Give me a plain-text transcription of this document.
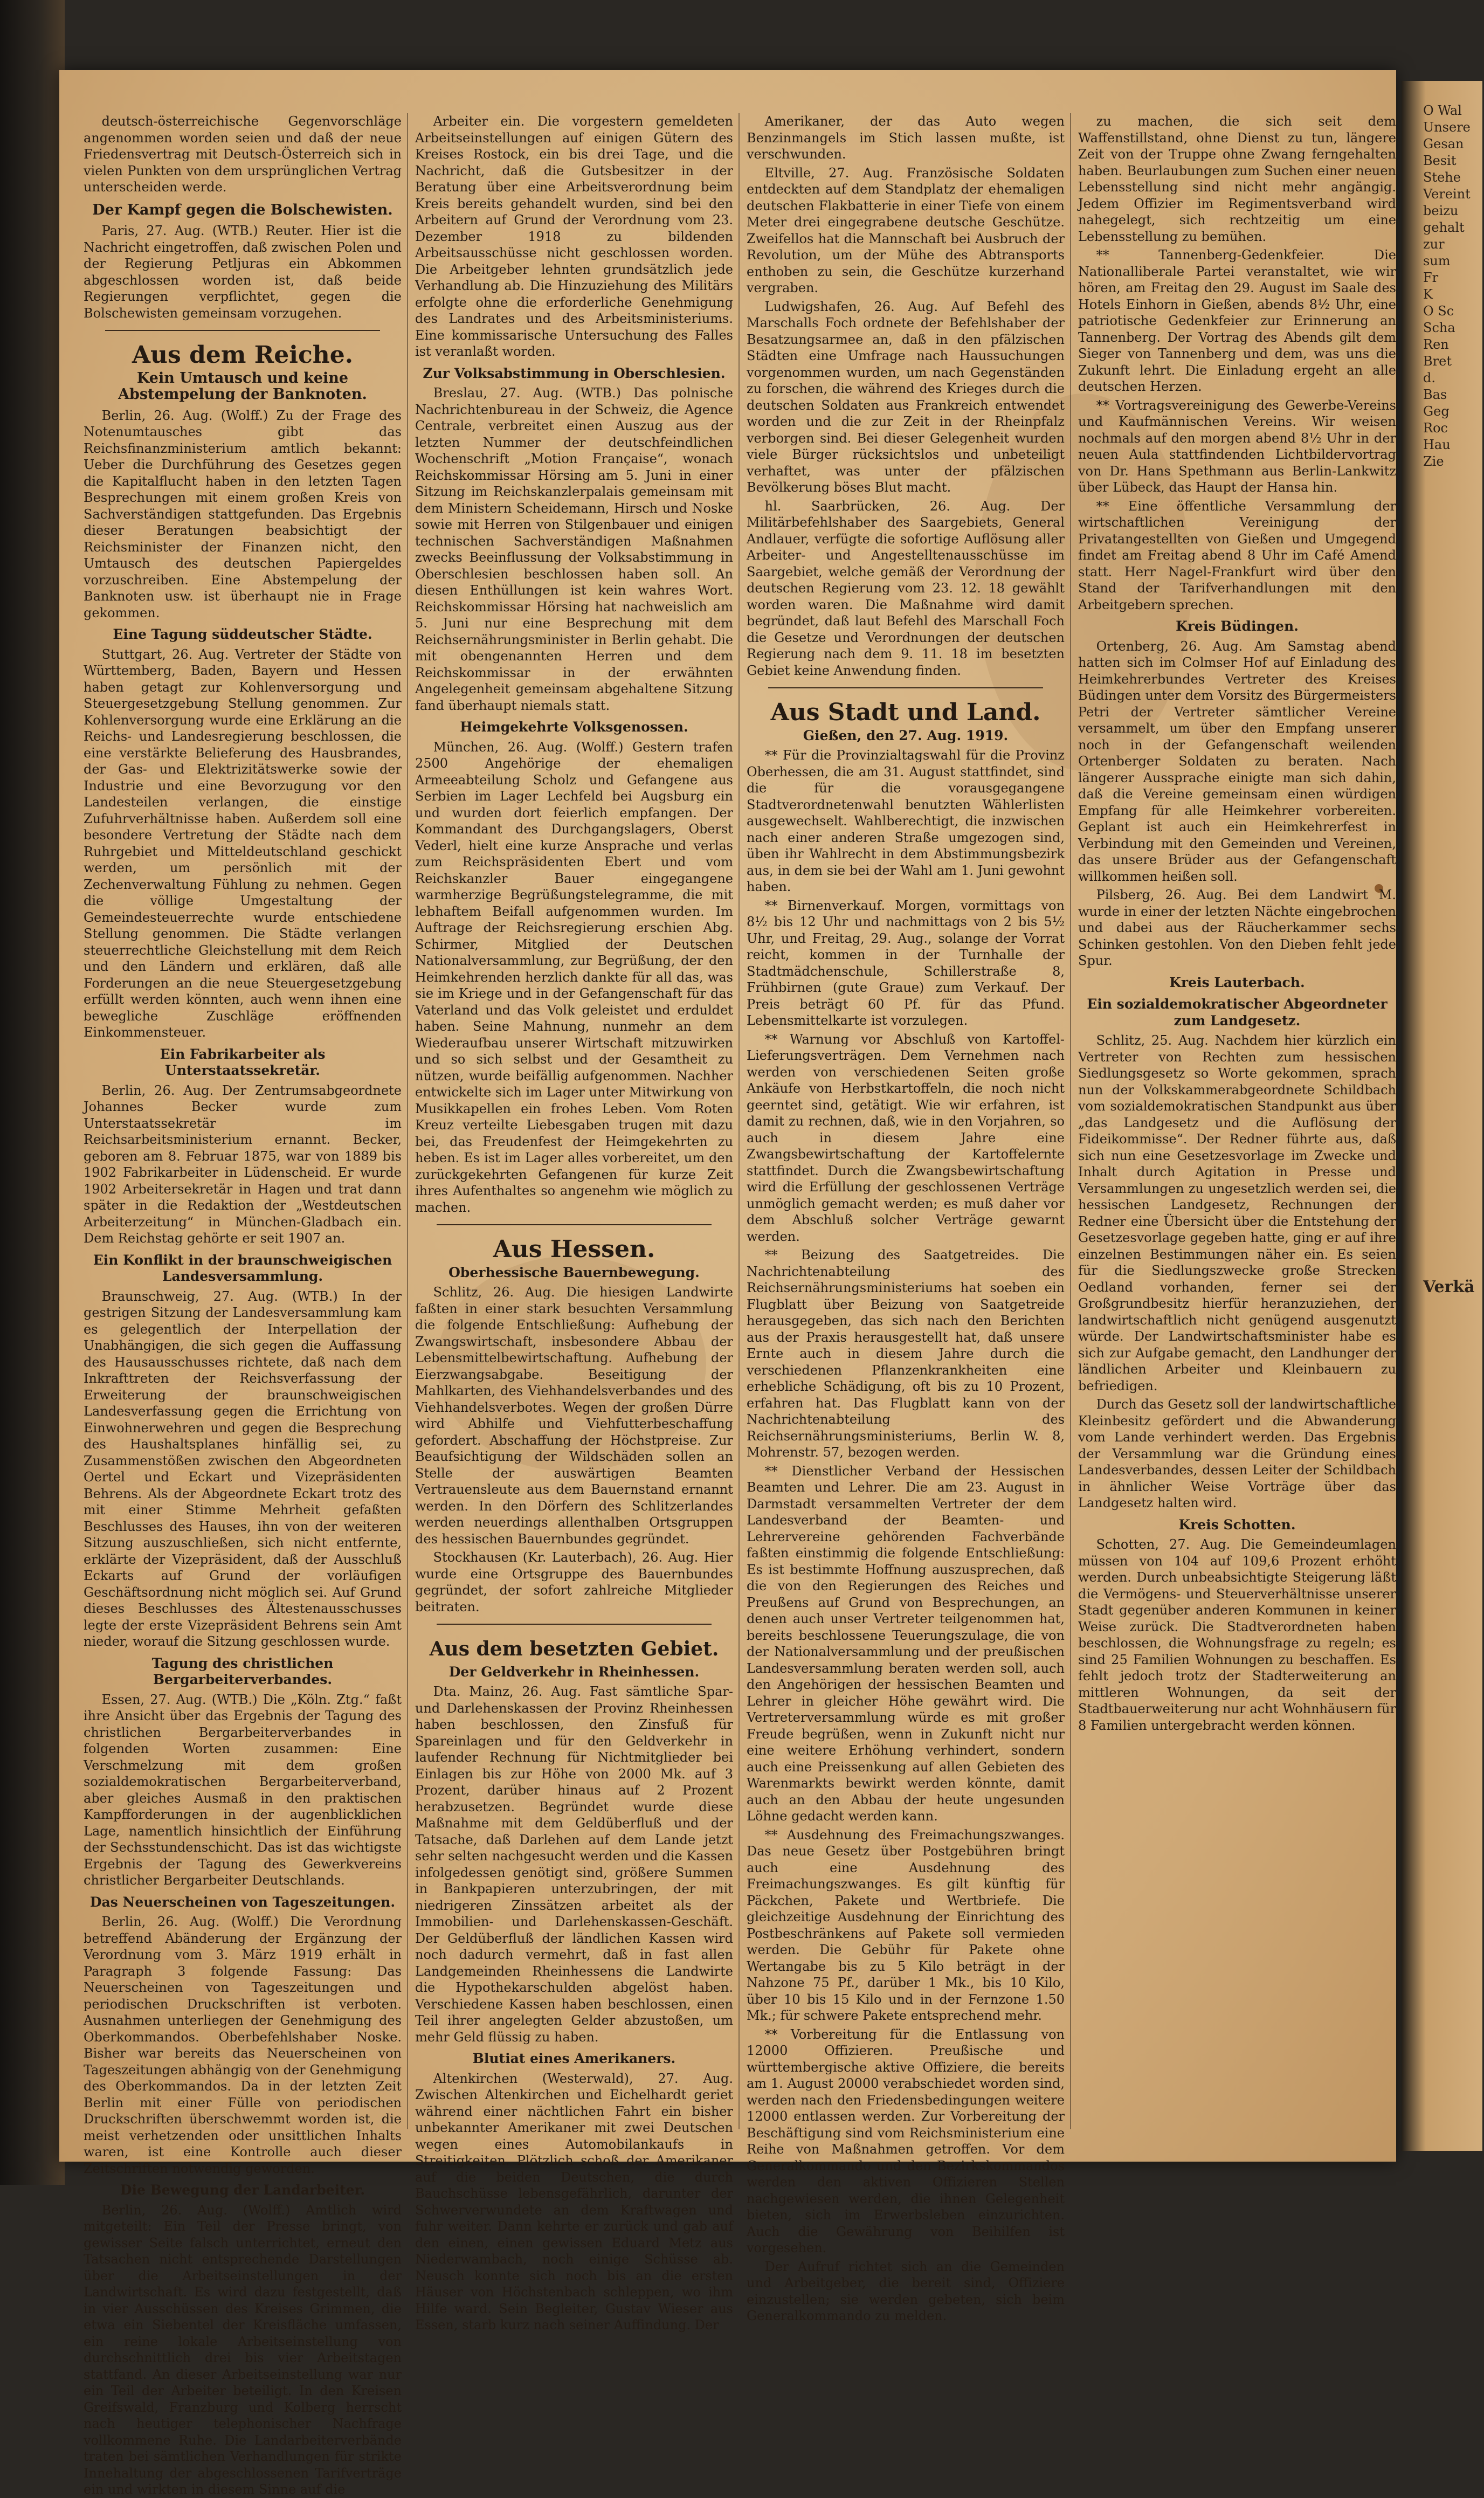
O Wal
Unsere
Gesan
Besit
Stehe
Vereint
beizu
gehalt
zur
sum
Fr
K
O Sc
Scha
Ren
Bret
d.
Bas
Geg
Roc
Hau
Zie
Verkä

deutsch-österreichische Gegenvorschläge angenommen worden seien und daß der neue Friedensvertrag mit Deutsch-Österreich sich in vielen Punkten von dem ursprünglichen Vertrag unterscheiden werde.

Der Kampf gegen die Bolschewisten.

Paris, 27. Aug. (WTB.) Reuter. Hier ist die Nachricht eingetroffen, daß zwischen Polen und der Regierung Petljuras ein Abkommen abgeschlossen worden ist, daß beide Regierungen verpflichtet, gegen die Bolschewisten gemeinsam vorzugehen.

Aus dem Reiche.
Kein Umtausch und keine Abstempelung der Banknoten.

Berlin, 26. Aug. (Wolff.) Zu der Frage des Notenumtausches gibt das Reichsfinanzministerium amtlich bekannt: Ueber die Durchführung des Gesetzes gegen die Kapitalflucht haben in den letzten Tagen Besprechungen mit einem großen Kreis von Sachverständigen stattgefunden. Das Ergebnis dieser Beratungen beabsichtigt der Reichsminister der Finanzen nicht, den Umtausch des deutschen Papiergeldes vorzuschreiben. Eine Abstempelung der Banknoten usw. ist überhaupt nie in Frage gekommen.

Eine Tagung süddeutscher Städte.

Stuttgart, 26. Aug. Vertreter der Städte von Württemberg, Baden, Bayern und Hessen haben getagt zur Kohlenversorgung und Steuergesetzgebung Stellung genommen. Zur Kohlenversorgung wurde eine Erklärung an die Reichs- und Landesregierung beschlossen, die eine verstärkte Belieferung des Hausbrandes, der Gas- und Elektrizitätswerke sowie der Industrie und eine Bevorzugung vor den Landesteilen verlangen, die einstige Zufuhrverhältnisse haben. Außerdem soll eine besondere Vertretung der Städte nach dem Ruhrgebiet und Mitteldeutschland geschickt werden, um persönlich mit der Zechenverwaltung Fühlung zu nehmen. Gegen die völlige Umgestaltung der Gemeindesteuerrechte wurde entschiedene Stellung genommen. Die Städte verlangen steuerrechtliche Gleichstellung mit dem Reich und den Ländern und erklären, daß alle Forderungen an die neue Steuergesetzgebung erfüllt werden könnten, auch wenn ihnen eine bewegliche Zuschläge eröffnenden Einkommensteuer.

Ein Fabrikarbeiter als Unterstaatssekretär.

Berlin, 26. Aug. Der Zentrumsabgeordnete Johannes Becker wurde zum Unterstaatssekretär im Reichsarbeitsministerium ernannt. Becker, geboren am 8. Februar 1875, war von 1889 bis 1902 Fabrikarbeiter in Lüdenscheid. Er wurde 1902 Arbeitersekretär in Hagen und trat dann später in die Redaktion der „Westdeutschen Arbeiterzeitung“ in München-Gladbach ein. Dem Reichstag gehörte er seit 1907 an.

Ein Konflikt in der braunschweigischen Landesversammlung.

Braunschweig, 27. Aug. (WTB.) In der gestrigen Sitzung der Landesversammlung kam es gelegentlich der Interpellation der Unabhängigen, die sich gegen die Auffassung des Hausausschusses richtete, daß nach dem Inkrafttreten der Reichsverfassung der Erweiterung der braunschweigischen Landesverfassung gegen die Errichtung von Einwohnerwehren und gegen die Besprechung des Haushaltsplanes hinfällig sei, zu Zusammenstößen zwischen den Abgeordneten Oertel und Eckart und Vizepräsidenten Behrens. Als der Abgeordnete Eckart trotz des mit einer Stimme Mehrheit gefaßten Beschlusses des Hauses, ihn von der weiteren Sitzung auszuschließen, sich nicht entfernte, erklärte der Vizepräsident, daß der Ausschluß Eckarts auf Grund der vorläufigen Geschäftsordnung nicht möglich sei. Auf Grund dieses Beschlusses des Ältestenausschusses legte der erste Vizepräsident Behrens sein Amt nieder, worauf die Sitzung geschlossen wurde.

Tagung des christlichen Bergarbeiterverbandes.

Essen, 27. Aug. (WTB.) Die „Köln. Ztg.“ faßt ihre Ansicht über das Ergebnis der Tagung des christlichen Bergarbeiterverbandes in folgenden Worten zusammen: Eine Verschmelzung mit dem großen sozialdemokratischen Bergarbeiterverband, aber gleiches Ausmaß in den praktischen Kampfforderungen in der augenblicklichen Lage, namentlich hinsichtlich der Einführung der Sechsstundenschicht. Das ist das wichtigste Ergebnis der Tagung des Gewerkvereins christlicher Bergarbeiter Deutschlands.

Das Neuerscheinen von Tageszeitungen.

Berlin, 26. Aug. (Wolff.) Die Verordnung betreffend Abänderung der Ergänzung der Verordnung vom 3. März 1919 erhält in Paragraph 3 folgende Fassung: Das Neuerscheinen von Tageszeitungen und periodischen Druckschriften ist verboten. Ausnahmen unterliegen der Genehmigung des Oberkommandos. Oberbefehlshaber Noske. Bisher war bereits das Neuerscheinen von Tageszeitungen abhängig von der Genehmigung des Oberkommandos. Da in der letzten Zeit Berlin mit einer Fülle von periodischen Druckschriften überschwemmt worden ist, die meist verhetzenden oder unsittlichen Inhalts waren, ist eine Kontrolle auch dieser Zeitschriften notwendig geworden.

Die Bewegung der Landarbeiter.

Berlin, 26. Aug. (Wolff.) Amtlich wird mitgeteilt: Ein Teil der Presse bringt, von gewisser Seite falsch unterrichtet, erneut den Tatsachen nicht entsprechende Darstellungen über die Arbeitseinstellungen in der Landwirtschaft. Es wird dazu festgestellt, daß in vier Ausschüssen des Kreises Grimmen, die etwa ein Siebentel der Kreisfläche umfassen, ein reine lokale Arbeitseinstellung von durchschnittlich drei bis vier Arbeitstagen stattfand. An dieser Arbeitseinstellung war nur ein Teil der Arbeiter beteiligt. In den Kreisen Greifswald, Franzburg und Kolberg herrscht nach heutiger telephonischer Nachfrage vollkommene Ruhe. Die Landarbeiterverbände traten bei sämtlichen Verhandlungen für strikte Innehaltung der abgeschlossenen Tarifverträge ein und wirkten in diesem Sinne auf die

Arbeiter ein. Die vorgestern gemeldeten Arbeitseinstellungen auf einigen Gütern des Kreises Rostock, ein bis drei Tage, und die Nachricht, daß die Gutsbesitzer in der Beratung über eine Arbeitsverordnung beim Kreis bereits gehandelt wurden, sind bei den Arbeitern auf Grund der Verordnung vom 23. Dezember 1918 zu bildenden Arbeitsausschüsse nicht geschlossen worden. Die Arbeitgeber lehnten grundsätzlich jede Verhandlung ab. Die Hinzuziehung des Militärs erfolgte ohne die erforderliche Genehmigung des Landrates und des Arbeitsministeriums. Eine kommissarische Untersuchung des Falles ist veranlaßt worden.

Zur Volksabstimmung in Oberschlesien.

Breslau, 27. Aug. (WTB.) Das polnische Nachrichtenbureau in der Schweiz, die Agence Centrale, verbreitet einen Auszug aus der letzten Nummer der deutschfeindlichen Wochenschrift „Motion Française“, wonach Reichskommissar Hörsing am 5. Juni in einer Sitzung im Reichskanzlerpalais gemeinsam mit dem Ministern Scheidemann, Hirsch und Noske sowie mit Herren von Stilgenbauer und einigen technischen Sachverständigen Maßnahmen zwecks Beeinflussung der Volksabstimmung in Oberschlesien beschlossen haben soll. An diesen Enthüllungen ist kein wahres Wort. Reichskommissar Hörsing hat nachweislich am 5. Juni nur eine Besprechung mit dem Reichsernährungsminister in Berlin gehabt. Die mit obengenannten Herren und dem Reichskommissar in der erwähnten Angelegenheit gemeinsam abgehaltene Sitzung fand überhaupt niemals statt.

Heimgekehrte Volksgenossen.

München, 26. Aug. (Wolff.) Gestern trafen 2500 Angehörige der ehemaligen Armeeabteilung Scholz und Gefangene aus Serbien im Lager Lechfeld bei Augsburg ein und wurden dort feierlich empfangen. Der Kommandant des Durchgangslagers, Oberst Vederl, hielt eine kurze Ansprache und verlas zum Reichspräsidenten Ebert und vom Reichskanzler Bauer eingegangene warmherzige Begrüßungstelegramme, die mit lebhaftem Beifall aufgenommen wurden. Im Auftrage der Reichsregierung erschien Abg. Schirmer, Mitglied der Deutschen Nationalversammlung, zur Begrüßung, der den Heimkehrenden herzlich dankte für all das, was sie im Kriege und in der Gefangenschaft für das Vaterland und das Volk geleistet und erduldet haben. Seine Mahnung, nunmehr an dem Wiederaufbau unserer Wirtschaft mitzuwirken und so sich selbst und der Gesamtheit zu nützen, wurde beifällig aufgenommen. Nachher entwickelte sich im Lager unter Mitwirkung von Musikkapellen ein frohes Leben. Vom Roten Kreuz verteilte Liebesgaben trugen mit dazu bei, das Freudenfest der Heimgekehrten zu heben. Es ist im Lager alles vorbereitet, um den zurückgekehrten Gefangenen für kurze Zeit ihres Aufenthaltes so angenehm wie möglich zu machen.

Aus Hessen.
Oberhessische Bauernbewegung.

Schlitz, 26. Aug. Die hiesigen Landwirte faßten in einer stark besuchten Versammlung die folgende Entschließung: Aufhebung der Zwangswirtschaft, insbesondere Abbau der Lebensmittelbewirtschaftung. Aufhebung der Eierzwangsabgabe. Beseitigung der Mahlkarten, des Viehhandelsverbandes und des Viehhandelsverbotes. Wegen der großen Dürre wird Abhilfe und Viehfutterbeschaffung gefordert. Abschaffung der Höchstpreise. Zur Beaufsichtigung der Wildschäden sollen an Stelle der auswärtigen Beamten Vertrauensleute aus dem Bauernstand ernannt werden. In den Dörfern des Schlitzerlandes werden neuerdings allenthalben Ortsgruppen des hessischen Bauernbundes gegründet.

Stockhausen (Kr. Lauterbach), 26. Aug. Hier wurde eine Ortsgruppe des Bauernbundes gegründet, der sofort zahlreiche Mitglieder beitraten.

Aus dem besetzten Gebiet.
Der Geldverkehr in Rheinhessen.

Dta. Mainz, 26. Aug. Fast sämtliche Spar- und Darlehenskassen der Provinz Rheinhessen haben beschlossen, den Zinsfuß für Spareinlagen und für den Geldverkehr in laufender Rechnung für Nichtmitglieder bei Einlagen bis zur Höhe von 2000 Mk. auf 3 Prozent, darüber hinaus auf 2 Prozent herabzusetzen. Begründet wurde diese Maßnahme mit dem Geldüberfluß und der Tatsache, daß Darlehen auf dem Lande jetzt sehr selten nachgesucht werden und die Kassen infolgedessen genötigt sind, größere Summen in Bankpapieren unterzubringen, der mit niedrigeren Zinssätzen arbeitet als der Immobilien- und Darlehenskassen-Geschäft. Der Geldüberfluß der ländlichen Kassen wird noch dadurch vermehrt, daß in fast allen Landgemeinden Rheinhessens die Landwirte die Hypothekarschulden abgelöst haben. Verschiedene Kassen haben beschlossen, einen Teil ihrer angelegten Gelder abzustoßen, um mehr Geld flüssig zu haben.

Blutiat eines Amerikaners.

Altenkirchen (Westerwald), 27. Aug. Zwischen Altenkirchen und Eichelhardt geriet während einer nächtlichen Fahrt ein bisher unbekannter Amerikaner mit zwei Deutschen wegen eines Automobilankaufs in Streitigkeiten. Plötzlich schoß der Amerikaner auf die beiden Deutschen, die durch Bauchschüsse lebensgefährlich, darunter der Schwerverwundete an dem Kraftwagen und fuhr weiter. Dann kehrte er zurück und gab auf den einen, einen gewissen Eduard Metz aus Niederwambach, noch einige Schüsse ab. Neusch konnte sich noch bis an die ersten Häuser von Höchstenbach schleppen, wo ihm Hilfe ward. Sein Begleiter, Gustav Wieser aus Essen, starb kurz nach seiner Auffindung. Der

Amerikaner, der das Auto wegen Benzinmangels im Stich lassen mußte, ist verschwunden.

Eltville, 27. Aug. Französische Soldaten entdeckten auf dem Standplatz der ehemaligen deutschen Flakbatterie in einer Tiefe von einem Meter drei eingegrabene deutsche Geschütze. Zweifellos hat die Mannschaft bei Ausbruch der Revolution, um der Mühe des Abtransports enthoben zu sein, die Geschütze kurzerhand vergraben.

Ludwigshafen, 26. Aug. Auf Befehl des Marschalls Foch ordnete der Befehlshaber der Besatzungsarmee an, daß in den pfälzischen Städten eine Umfrage nach Haussuchungen vorgenommen wurden, um nach Gegenständen zu forschen, die während des Krieges durch die deutschen Soldaten aus Frankreich entwendet worden und die zur Zeit in der Rheinpfalz verborgen sind. Bei dieser Gelegenheit wurden viele Bürger rücksichtslos und unbeteiligt verhaftet, was unter der pfälzischen Bevölkerung böses Blut macht.

hl. Saarbrücken, 26. Aug. Der Militärbefehlshaber des Saargebiets, General Andlauer, verfügte die sofortige Auflösung aller Arbeiter- und Angestelltenausschüsse im Saargebiet, welche gemäß der Verordnung der deutschen Regierung vom 23. 12. 18 gewählt worden waren. Die Maßnahme wird damit begründet, daß laut Befehl des Marschall Foch die Gesetze und Verordnungen der deutschen Regierung nach dem 9. 11. 18 im besetzten Gebiet keine Anwendung finden.

Aus Stadt und Land.
Gießen, den 27. Aug. 1919.

** Für die Provinzialtagswahl für die Provinz Oberhessen, die am 31. August stattfindet, sind die für die vorausgegangene Stadtverordnetenwahl benutzten Wählerlisten ausgewechselt. Wahlberechtigt, die inzwischen nach einer anderen Straße umgezogen sind, üben ihr Wahlrecht in dem Abstimmungsbezirk aus, in dem sie bei der Wahl am 1. Juni gewohnt haben.

** Birnenverkauf. Morgen, vormittags von 8½ bis 12 Uhr und nachmittags von 2 bis 5½ Uhr, und Freitag, 29. Aug., solange der Vorrat reicht, kommen in der Turnhalle der Stadtmädchenschule, Schillerstraße 8, Frühbirnen (gute Graue) zum Verkauf. Der Preis beträgt 60 Pf. für das Pfund. Lebensmittelkarte ist vorzulegen.

** Warnung vor Abschluß von Kartoffel-Lieferungsverträgen. Dem Vernehmen nach werden von verschiedenen Seiten große Ankäufe von Herbstkartoffeln, die noch nicht geerntet sind, getätigt. Wie wir erfahren, ist damit zu rechnen, daß, wie in den Vorjahren, so auch in diesem Jahre eine Zwangsbewirtschaftung der Kartoffelernte stattfindet. Durch die Zwangsbewirtschaftung wird die Erfüllung der geschlossenen Verträge unmöglich gemacht werden; es muß daher vor dem Abschluß solcher Verträge gewarnt werden.

** Beizung des Saatgetreides. Die Nachrichtenabteilung des Reichsernährungsministeriums hat soeben ein Flugblatt über Beizung von Saatgetreide herausgegeben, das sich nach den Berichten aus der Praxis herausgestellt hat, daß unsere Ernte auch in diesem Jahre durch die verschiedenen Pflanzenkrankheiten eine erhebliche Schädigung, oft bis zu 10 Prozent, erfahren hat. Das Flugblatt kann von der Nachrichtenabteilung des Reichsernährungsministeriums, Berlin W. 8, Mohrenstr. 57, bezogen werden.

** Dienstlicher Verband der Hessischen Beamten und Lehrer. Die am 23. August in Darmstadt versammelten Vertreter der dem Landesverband der Beamten- und Lehrervereine gehörenden Fachverbände faßten einstimmig die folgende Entschließung: Es ist bestimmte Hoffnung auszusprechen, daß die von den Regierungen des Reiches und Preußens auf Grund von Besprechungen, an denen auch unser Vertreter teilgenommen hat, bereits beschlossene Teuerungszulage, die von der Nationalversammlung und der preußischen Landesversammlung beraten werden soll, auch den Angehörigen der hessischen Beamten und Lehrer in gleicher Höhe gewährt wird. Die Vertreterversammlung würde es mit großer Freude begrüßen, wenn in Zukunft nicht nur eine weitere Erhöhung verhindert, sondern auch eine Preissenkung auf allen Gebieten des Warenmarkts bewirkt werden könnte, damit auch an den Abbau der heute ungesunden Löhne gedacht werden kann.

** Ausdehnung des Freimachungszwanges. Das neue Gesetz über Postgebühren bringt auch eine Ausdehnung des Freimachungszwanges. Es gilt künftig für Päckchen, Pakete und Wertbriefe. Die gleichzeitige Ausdehnung der Einrichtung des Postbeschränkens auf Pakete soll vermieden werden. Die Gebühr für Pakete ohne Wertangabe bis zu 5 Kilo beträgt in der Nahzone 75 Pf., darüber 1 Mk., bis 10 Kilo, über 10 bis 15 Kilo und in der Fernzone 1.50 Mk.; für schwere Pakete entsprechend mehr.

** Vorbereitung für die Entlassung von 12000 Offizieren. Preußische und württembergische aktive Offiziere, die bereits am 1. August 20000 verabschiedet worden sind, werden nach den Friedensbedingungen weitere 12000 entlassen werden. Zur Vorbereitung der Beschäftigung sind vom Reichsministerium eine Reihe von Maßnahmen getroffen. Vor dem Generalkommando und den Bezirkskommandos werden den aktiven Offizieren Stellen nachgewiesen werden, die ihnen Gelegenheit bieten, sich im Erwerbsleben einzurichten. Auch die Gewährung von Beihilfen ist vorgesehen.

Der Aufruf richtet sich an die Gemeinden und Arbeitgeber, die bereit sind, Offiziere einzustellen; sie werden gebeten, sich beim Generalkommando zu melden.

zu machen, die sich seit dem Waffenstillstand, ohne Dienst zu tun, längere Zeit von der Truppe ohne Zwang ferngehalten haben. Beurlaubungen zum Suchen einer neuen Lebensstellung sind nicht mehr angängig. Jedem Offizier im Regimentsverband wird nahegelegt, sich rechtzeitig um eine Lebensstellung zu bemühen.

** Tannenberg-Gedenkfeier. Die Nationalliberale Partei veranstaltet, wie wir hören, am Freitag den 29. August im Saale des Hotels Einhorn in Gießen, abends 8½ Uhr, eine patriotische Gedenkfeier zur Erinnerung an Tannenberg. Der Vortrag des Abends gilt dem Sieger von Tannenberg und dem, was uns die Zukunft lehrt. Die Einladung ergeht an alle deutschen Herzen.

** Vortragsvereinigung des Gewerbe-Vereins und Kaufmännischen Vereins. Wir weisen nochmals auf den morgen abend 8½ Uhr in der neuen Aula stattfindenden Lichtbildervortrag von Dr. Hans Spethmann aus Berlin-Lankwitz über Lübeck, das Haupt der Hansa hin.

** Eine öffentliche Versammlung der wirtschaftlichen Vereinigung der Privatangestellten von Gießen und Umgegend findet am Freitag abend 8 Uhr im Café Amend statt. Herr Nagel-Frankfurt wird über den Stand der Tarifverhandlungen mit den Arbeitgebern sprechen.

Kreis Büdingen.

Ortenberg, 26. Aug. Am Samstag abend hatten sich im Colmser Hof auf Einladung des Heimkehrerbundes Vertreter des Kreises Büdingen unter dem Vorsitz des Bürgermeisters Petri der Vertreter sämtlicher Vereine versammelt, um über den Empfang unserer noch in der Gefangenschaft weilenden Ortenberger Soldaten zu beraten. Nach längerer Aussprache einigte man sich dahin, daß die Vereine gemeinsam einen würdigen Empfang für alle Heimkehrer vorbereiten. Geplant ist auch ein Heimkehrerfest in Verbindung mit den Gemeinden und Vereinen, das unsere Brüder aus der Gefangenschaft willkommen heißen soll.

Pilsberg, 26. Aug. Bei dem Landwirt M. wurde in einer der letzten Nächte eingebrochen und dabei aus der Räucherkammer sechs Schinken gestohlen. Von den Dieben fehlt jede Spur.

Kreis Lauterbach.
Ein sozialdemokratischer Abgeordneter zum Landgesetz.

Schlitz, 25. Aug. Nachdem hier kürzlich ein Vertreter von Rechten zum hessischen Siedlungsgesetz so Worte gekommen, sprach nun der Volkskammerabgeordnete Schildbach vom sozialdemokratischen Standpunkt aus über „das Landgesetz und die Auflösung der Fideikommisse“. Der Redner führte aus, daß sich nun eine Gesetzesvorlage im Zwecke und Inhalt durch Agitation in Presse und Versammlungen zu ungesetzlich werden sei, die hessischen Landgesetz, Rechnungen der Redner eine Übersicht über die Entstehung der Gesetzesvorlage gegeben hatte, ging er auf ihre einzelnen Bestimmungen näher ein. Es seien für die Siedlungszwecke große Strecken Oedland vorhanden, ferner sei der Großgrundbesitz hierfür heranzuziehen, der landwirtschaftlich nicht genügend ausgenutzt würde. Der Landwirtschaftsminister habe es sich zur Aufgabe gemacht, den Landhunger der ländlichen Arbeiter und Kleinbauern zu befriedigen.

Durch das Gesetz soll der landwirtschaftliche Kleinbesitz gefördert und die Abwanderung vom Lande verhindert werden. Das Ergebnis der Versammlung war die Gründung eines Landesverbandes, dessen Leiter der Schildbach in ähnlicher Weise Vorträge über das Landgesetz halten wird.

Kreis Schotten.

Schotten, 27. Aug. Die Gemeindeumlagen müssen von 104 auf 109,6 Prozent erhöht werden. Durch unbeabsichtigte Steigerung läßt die Vermögens- und Steuerverhältnisse unserer Stadt gegenüber anderen Kommunen in keiner Weise zurück. Die Stadtverordneten haben beschlossen, die Wohnungsfrage zu regeln; es sind 25 Familien Wohnungen zu beschaffen. Es fehlt jedoch trotz der Stadterweiterung an mittleren Wohnungen, da seit der Stadtbauerweiterung nur acht Wohnhäusern für 8 Familien untergebracht werden können.
